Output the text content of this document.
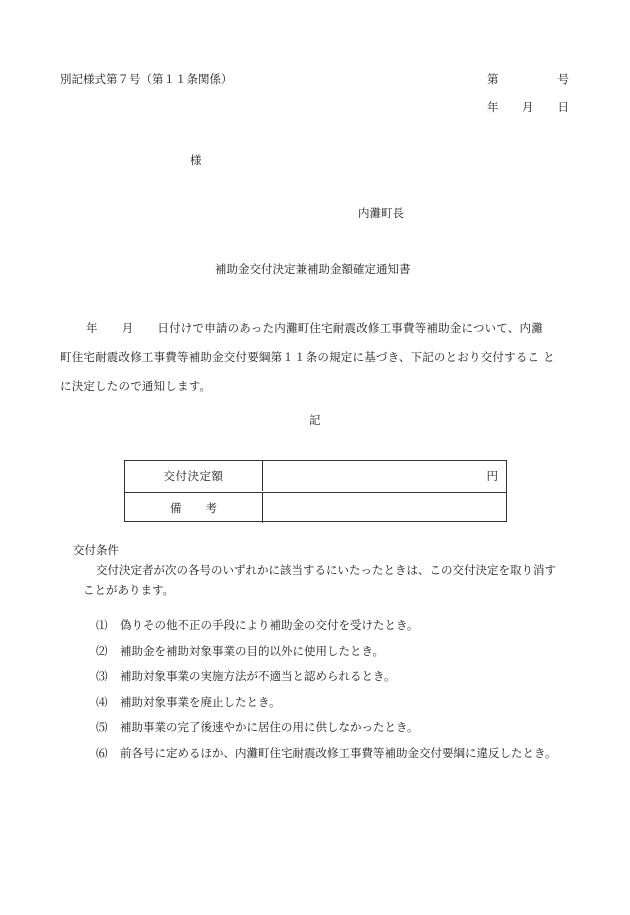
別記様式第７号（第１１条関係）	第	号
年 月 日
様
内灘町長
補助金交付決定兼補助金額確定通知書
年 月 日付けで申請のあった内灘町住宅耐震改修工事費等補助金について、内灘
町住宅耐震改修工事費等補助金交付要綱第１１条の規定に基づき、下記のとおり交付するこ と
に決定したので通知します。
記
交付決定額	円
備考
交付条件
交付決定者が次の各号のいずれかに該当するにいたったときは、この交付決定を取り消す
ことがあります。
⑴ 偽りその他不正の手段により補助金の交付を受けたとき。
⑵ 補助金を補助対象事業の目的以外に使用したとき。
⑶ 補助対象事業の実施方法が不適当と認められるとき。
⑷ 補助対象事業を廃止したとき。
⑸ 補助事業の完了後速やかに居住の用に供しなかったとき。
⑹ 前各号に定めるほか、内灘町住宅耐震改修工事費等補助金交付要綱に違反したとき。
